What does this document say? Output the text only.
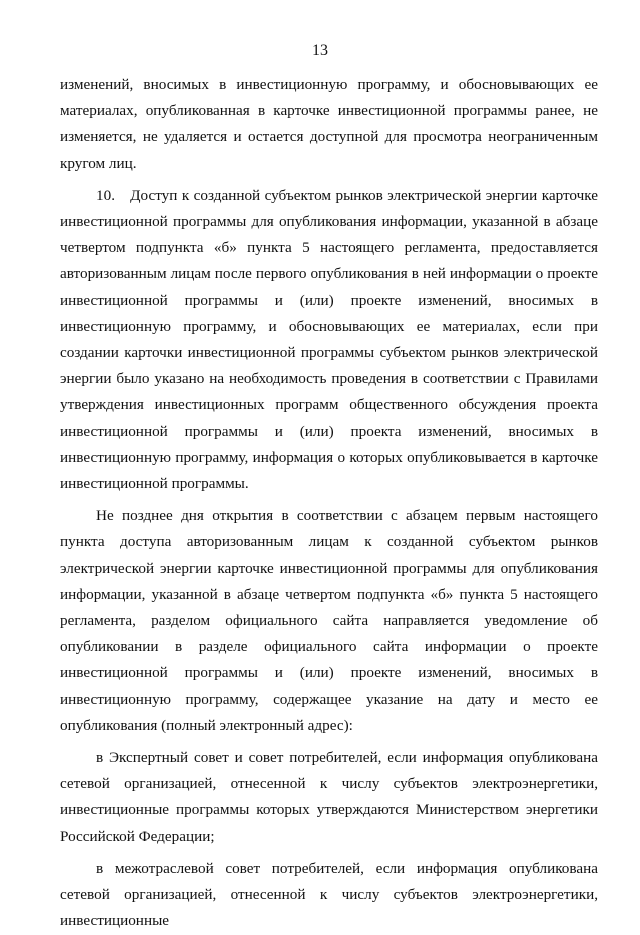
13

изменений, вносимых в инвестиционную программу, и обосновывающих ее материалах, опубликованная в карточке инвестиционной программы ранее, не изменяется, не удаляется и остается доступной для просмотра неограниченным кругом лиц.

10. Доступ к созданной субъектом рынков электрической энергии карточке инвестиционной программы для опубликования информации, указанной в абзаце четвертом подпункта «б» пункта 5 настоящего регламента, предоставляется авторизованным лицам после первого опубликования в ней информации о проекте инвестиционной программы и (или) проекте изменений, вносимых в инвестиционную программу, и обосновывающих ее материалах, если при создании карточки инвестиционной программы субъектом рынков электрической энергии было указано на необходимость проведения в соответствии с Правилами утверждения инвестиционных программ общественного обсуждения проекта инвестиционной программы и (или) проекта изменений, вносимых в инвестиционную программу, информация о которых опубликовывается в карточке инвестиционной программы.

Не позднее дня открытия в соответствии с абзацем первым настоящего пункта доступа авторизованным лицам к созданной субъектом рынков электрической энергии карточке инвестиционной программы для опубликования информации, указанной в абзаце четвертом подпункта «б» пункта 5 настоящего регламента, разделом официального сайта направляется уведомление об опубликовании в разделе официального сайта информации о проекте инвестиционной программы и (или) проекте изменений, вносимых в инвестиционную программу, содержащее указание на дату и место ее опубликования (полный электронный адрес):

в Экспертный совет и совет потребителей, если информация опубликована сетевой организацией, отнесенной к числу субъектов электроэнергетики, инвестиционные программы которых утверждаются Министерством энергетики Российской Федерации;

в межотраслевой совет потребителей, если информация опубликована сетевой организацией, отнесенной к числу субъектов электроэнергетики, инвестиционные
